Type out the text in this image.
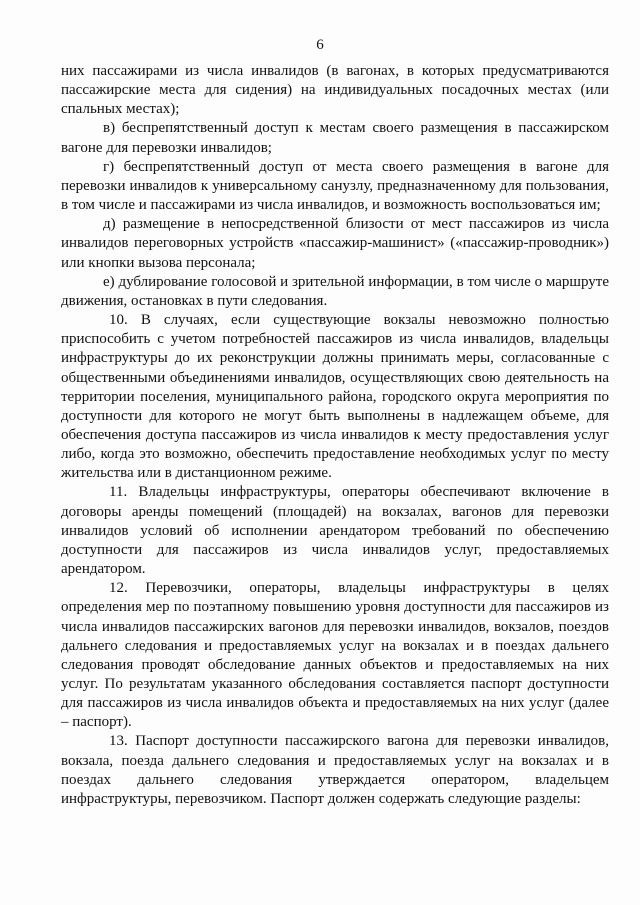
6

них пассажирами из числа инвалидов (в вагонах, в которых предусматриваются пассажирские места для сидения) на индивидуальных посадочных местах (или спальных местах);

в) беспрепятственный доступ к местам своего размещения в пассажирском вагоне для перевозки инвалидов;

г) беспрепятственный доступ от места своего размещения в вагоне для перевозки инвалидов к универсальному санузлу, предназначенному для пользования, в том числе и пассажирами из числа инвалидов, и возможность воспользоваться им;

д) размещение в непосредственной близости от мест пассажиров из числа инвалидов переговорных устройств «пассажир-машинист» («пассажир-проводник») или кнопки вызова персонала;

е) дублирование голосовой и зрительной информации, в том числе о маршруте движения, остановках в пути следования.

10. В случаях, если существующие вокзалы невозможно полностью приспособить с учетом потребностей пассажиров из числа инвалидов, владельцы инфраструктуры до их реконструкции должны принимать меры, согласованные с общественными объединениями инвалидов, осуществляющих свою деятельность на территории поселения, муниципального района, городского округа мероприятия по доступности для которого не могут быть выполнены в надлежащем объеме, для обеспечения доступа пассажиров из числа инвалидов к месту предоставления услуг либо, когда это возможно, обеспечить предоставление необходимых услуг по месту жительства или в дистанционном режиме.

11. Владельцы инфраструктуры, операторы обеспечивают включение в договоры аренды помещений (площадей) на вокзалах, вагонов для перевозки инвалидов условий об исполнении арендатором требований по обеспечению доступности для пассажиров из числа инвалидов услуг, предоставляемых арендатором.

12. Перевозчики, операторы, владельцы инфраструктуры в целях определения мер по поэтапному повышению уровня доступности для пассажиров из числа инвалидов пассажирских вагонов для перевозки инвалидов, вокзалов, поездов дальнего следования и предоставляемых услуг на вокзалах и в поездах дальнего следования проводят обследование данных объектов и предоставляемых на них услуг. По результатам указанного обследования составляется паспорт доступности для пассажиров из числа инвалидов объекта и предоставляемых на них услуг (далее – паспорт).

13. Паспорт доступности пассажирского вагона для перевозки инвалидов, вокзала, поезда дальнего следования и предоставляемых услуг на вокзалах и в поездах дальнего следования утверждается оператором, владельцем инфраструктуры, перевозчиком. Паспорт должен содержать следующие разделы:
